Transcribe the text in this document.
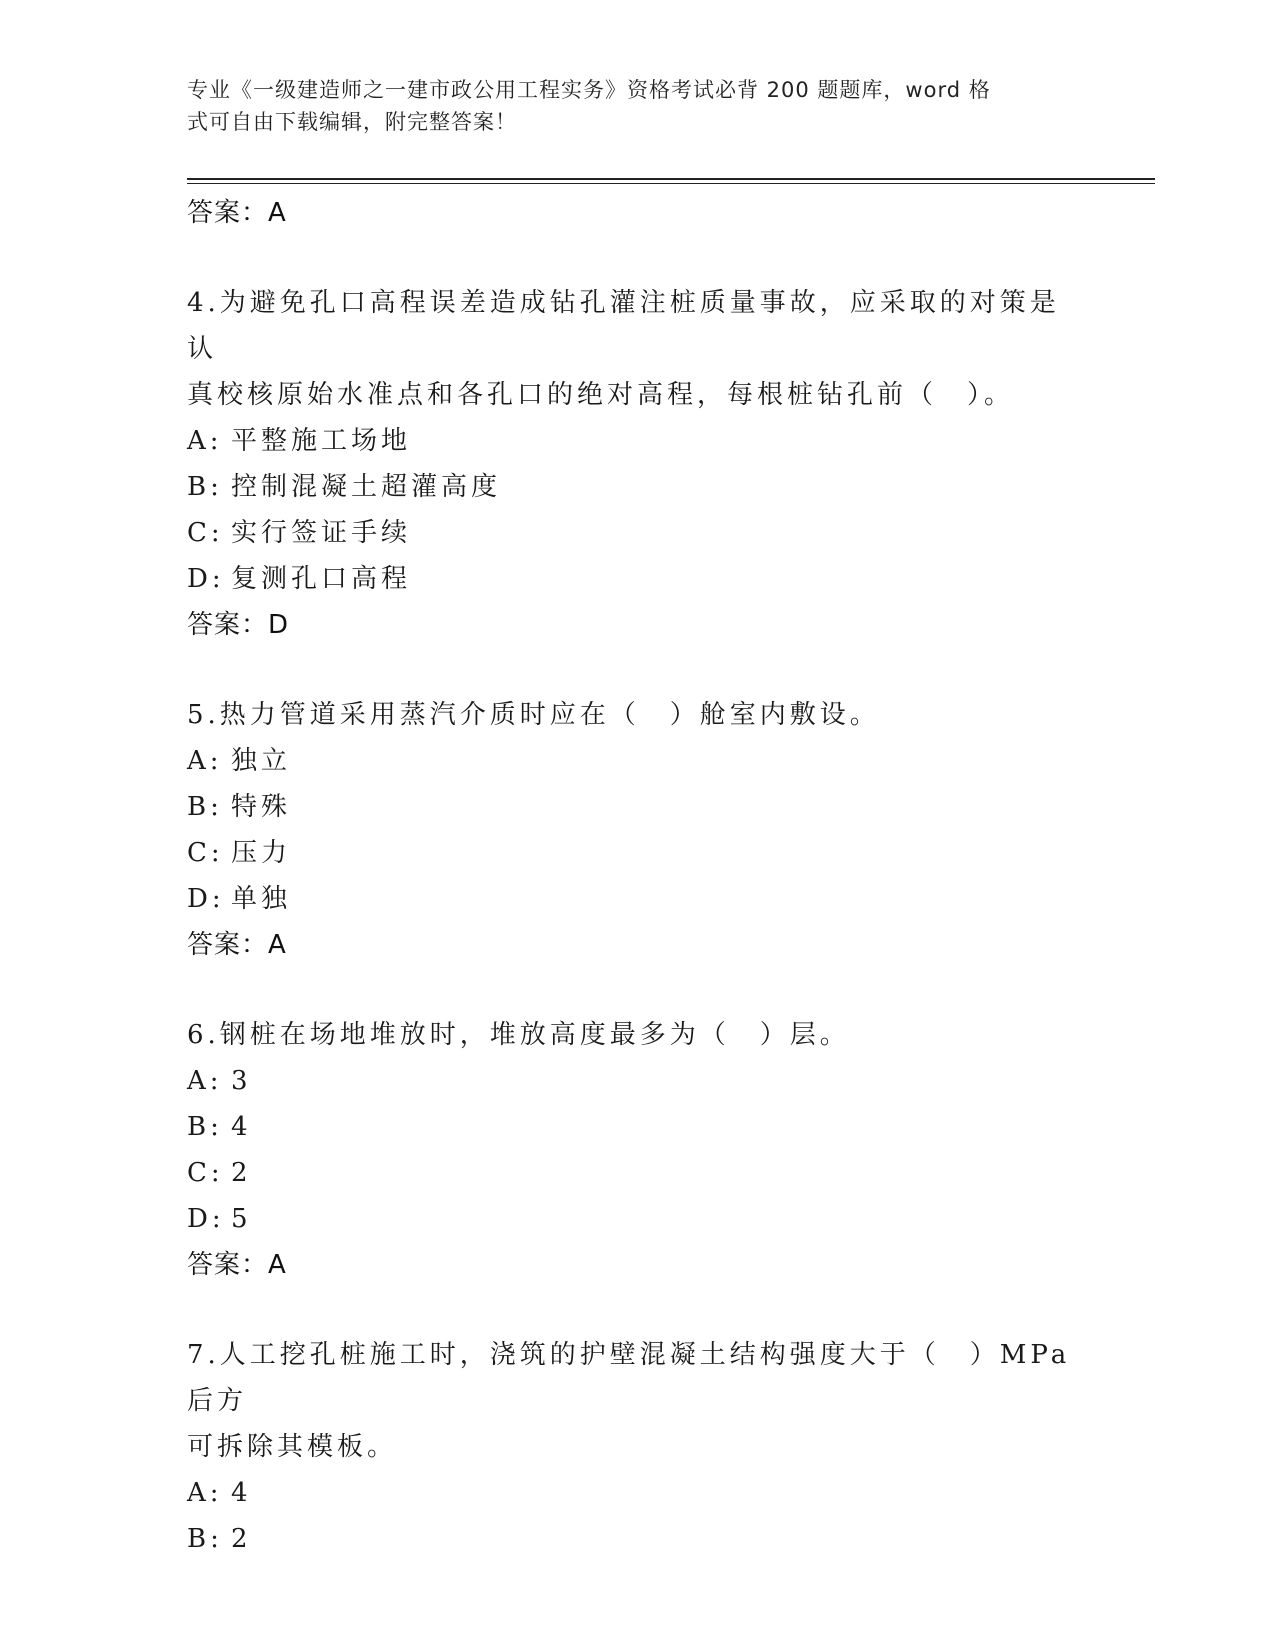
专业《一级建造师之一建市政公用工程实务》资格考试必背 200 题题库，word 格
式可自由下载编辑，附完整答案！
答案：A
4.为避免孔口高程误差造成钻孔灌注桩质量事故，应采取的对策是认
真校核原始水准点和各孔口的绝对高程，每根桩钻孔前（　）。
A: 平整施工场地
B: 控制混凝土超灌高度
C: 实行签证手续
D: 复测孔口高程
答案：D
5.热力管道采用蒸汽介质时应在（　）舱室内敷设。
A: 独立
B: 特殊
C: 压力
D: 单独
答案：A
6.钢桩在场地堆放时，堆放高度最多为（　）层。
A: 3
B: 4
C: 2
D: 5
答案：A
7.人工挖孔桩施工时，浇筑的护壁混凝土结构强度大于（　）MPa 后方
可拆除其模板。
A: 4
B: 2
